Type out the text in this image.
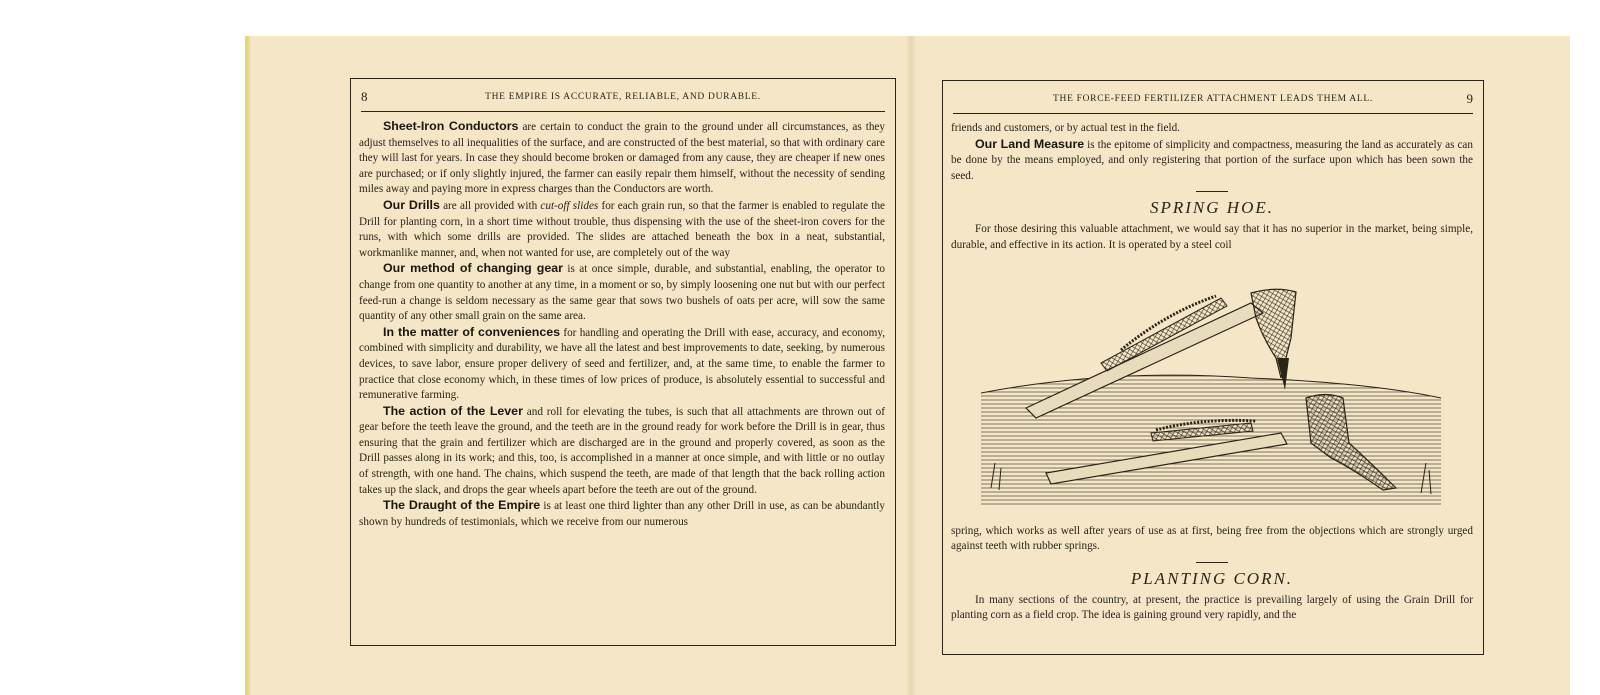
8	THE EMPIRE IS ACCURATE, RELIABLE, AND DURABLE.

Sheet-Iron Conductors are certain to conduct the grain to the ground under all circumstances, as they adjust themselves to all inequalities of the surface, and are constructed of the best material, so that with ordinary care they will last for years. In case they should become broken or damaged from any cause, they are cheaper if new ones are purchased; or if only slightly injured, the farmer can easily repair them himself, without the necessity of sending miles away and paying more in express charges than the Conductors are worth.

Our Drills are all provided with cut-off slides for each grain run, so that the farmer is enabled to regulate the Drill for planting corn, in a short time without trouble, thus dispensing with the use of the sheet-iron covers for the runs, with which some drills are provided. The slides are attached beneath the box in a neat, substantial, workmanlike manner, and, when not wanted for use, are completely out of the way

Our method of changing gear is at once simple, durable, and substantial, enabling, the operator to change from one quantity to another at any time, in a moment or so, by simply loosening one nut but with our perfect feed-run a change is seldom necessary as the same gear that sows two bushels of oats per acre, will sow the same quantity of any other small grain on the same area.

In the matter of conveniences for handling and operating the Drill with ease, accuracy, and economy, combined with simplicity and durability, we have all the latest and best improvements to date, seeking, by numerous devices, to save labor, ensure proper delivery of seed and fertilizer, and, at the same time, to enable the farmer to practice that close economy which, in these times of low prices of produce, is absolutely essential to successful and remunerative farming.

The action of the Lever and roll for elevating the tubes, is such that all attachments are thrown out of gear before the teeth leave the ground, and the teeth are in the ground ready for work before the Drill is in gear, thus ensuring that the grain and fertilizer which are discharged are in the ground and properly covered, as soon as the Drill passes along in its work; and this, too, is accomplished in a manner at once simple, and with little or no outlay of strength, with one hand. The chains, which suspend the teeth, are made of that length that the back rolling action takes up the slack, and drops the gear wheels apart before the teeth are out of the ground.

The Draught of the Empire is at least one third lighter than any other Drill in use, as can be abundantly shown by hundreds of testimonials, which we receive from our numerous

THE FORCE-FEED FERTILIZER ATTACHMENT LEADS THEM ALL.	9

friends and customers, or by actual test in the field.

Our Land Measure is the epitome of simplicity and compactness, measuring the land as accurately as can be done by the means employed, and only registering that portion of the surface upon which has been sown the seed.

SPRING HOE.

For those desiring this valuable attachment, we would say that it has no superior in the market, being simple, durable, and effective in its action. It is operated by a steel coil

spring, which works as well after years of use as at first, being free from the objections which are strongly urged against teeth with rubber springs.

PLANTING CORN.

In many sections of the country, at present, the practice is prevailing largely of using the Grain Drill for planting corn as a field crop. The idea is gaining ground very rapidly, and the
